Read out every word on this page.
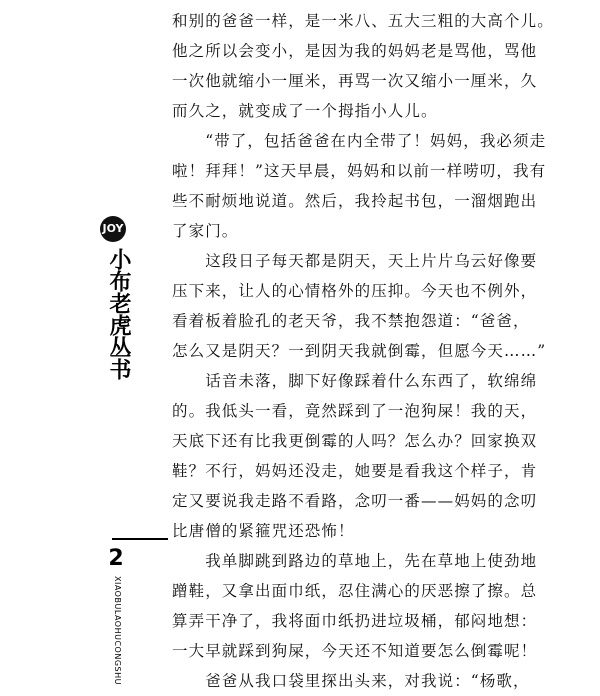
JOY
小布老虎丛书
2
XIAOBULAOHUCONGSHU
和别的爸爸一样，是一米八、五大三粗的大高个儿。
他之所以会变小，是因为我的妈妈老是骂他，骂他
一次他就缩小一厘米，再骂一次又缩小一厘米，久
而久之，就变成了一个拇指小人儿。
　　“带了，包括爸爸在内全带了！妈妈，我必须走
啦！拜拜！”这天早晨，妈妈和以前一样唠叨，我有
些不耐烦地说道。然后，我拎起书包，一溜烟跑出
了家门。
　　这段日子每天都是阴天，天上片片乌云好像要
压下来，让人的心情格外的压抑。今天也不例外，
看着板着脸孔的老天爷，我不禁抱怨道：“爸爸，
怎么又是阴天？一到阴天我就倒霉，但愿今天……”
　　话音未落，脚下好像踩着什么东西了，软绵绵
的。我低头一看，竟然踩到了一泡狗屎！我的天，
天底下还有比我更倒霉的人吗？怎么办？回家换双
鞋？不行，妈妈还没走，她要是看我这个样子，肯
定又要说我走路不看路，念叨一番——妈妈的念叨
比唐僧的紧箍咒还恐怖！
　　我单脚跳到路边的草地上，先在草地上使劲地
蹭鞋，又拿出面巾纸，忍住满心的厌恶擦了擦。总
算弄干净了，我将面巾纸扔进垃圾桶，郁闷地想：
一大早就踩到狗屎，今天还不知道要怎么倒霉呢！
　　爸爸从我口袋里探出头来，对我说：“杨歌，
